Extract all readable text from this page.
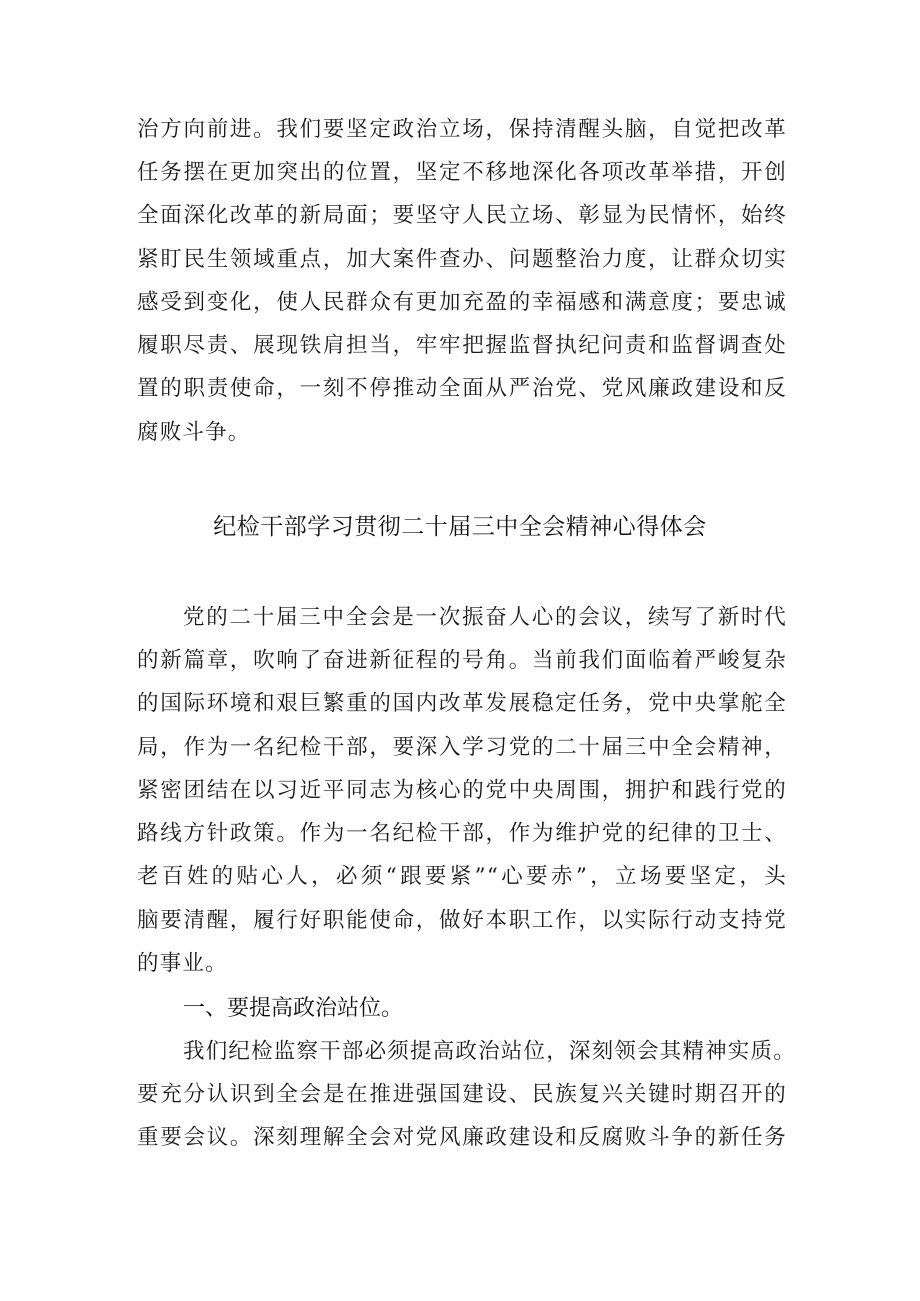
治方向前进。我们要坚定政治立场，保持清醒头脑，自觉把改革
任务摆在更加突出的位置，坚定不移地深化各项改革举措，开创
全面深化改革的新局面；要坚守人民立场、彰显为民情怀，始终
紧盯民生领域重点，加大案件查办、问题整治力度，让群众切实
感受到变化，使人民群众有更加充盈的幸福感和满意度；要忠诚
履职尽责、展现铁肩担当，牢牢把握监督执纪问责和监督调查处
置的职责使命，一刻不停推动全面从严治党、党风廉政建设和反
腐败斗争。
纪检干部学习贯彻二十届三中全会精神心得体会
党的二十届三中全会是一次振奋人心的会议，续写了新时代
的新篇章，吹响了奋进新征程的号角。当前我们面临着严峻复杂
的国际环境和艰巨繁重的国内改革发展稳定任务，党中央掌舵全
局，作为一名纪检干部，要深入学习党的二十届三中全会精神，
紧密团结在以习近平同志为核心的党中央周围，拥护和践行党的
路线方针政策。作为一名纪检干部，作为维护党的纪律的卫士、
老百姓的贴心人，必须“跟要紧”“心要赤”，立场要坚定，头
脑要清醒，履行好职能使命，做好本职工作，以实际行动支持党
的事业。
一、要提高政治站位。
我们纪检监察干部必须提高政治站位，深刻领会其精神实质。
要充分认识到全会是在推进强国建设、民族复兴关键时期召开的
重要会议。深刻理解全会对党风廉政建设和反腐败斗争的新任务
